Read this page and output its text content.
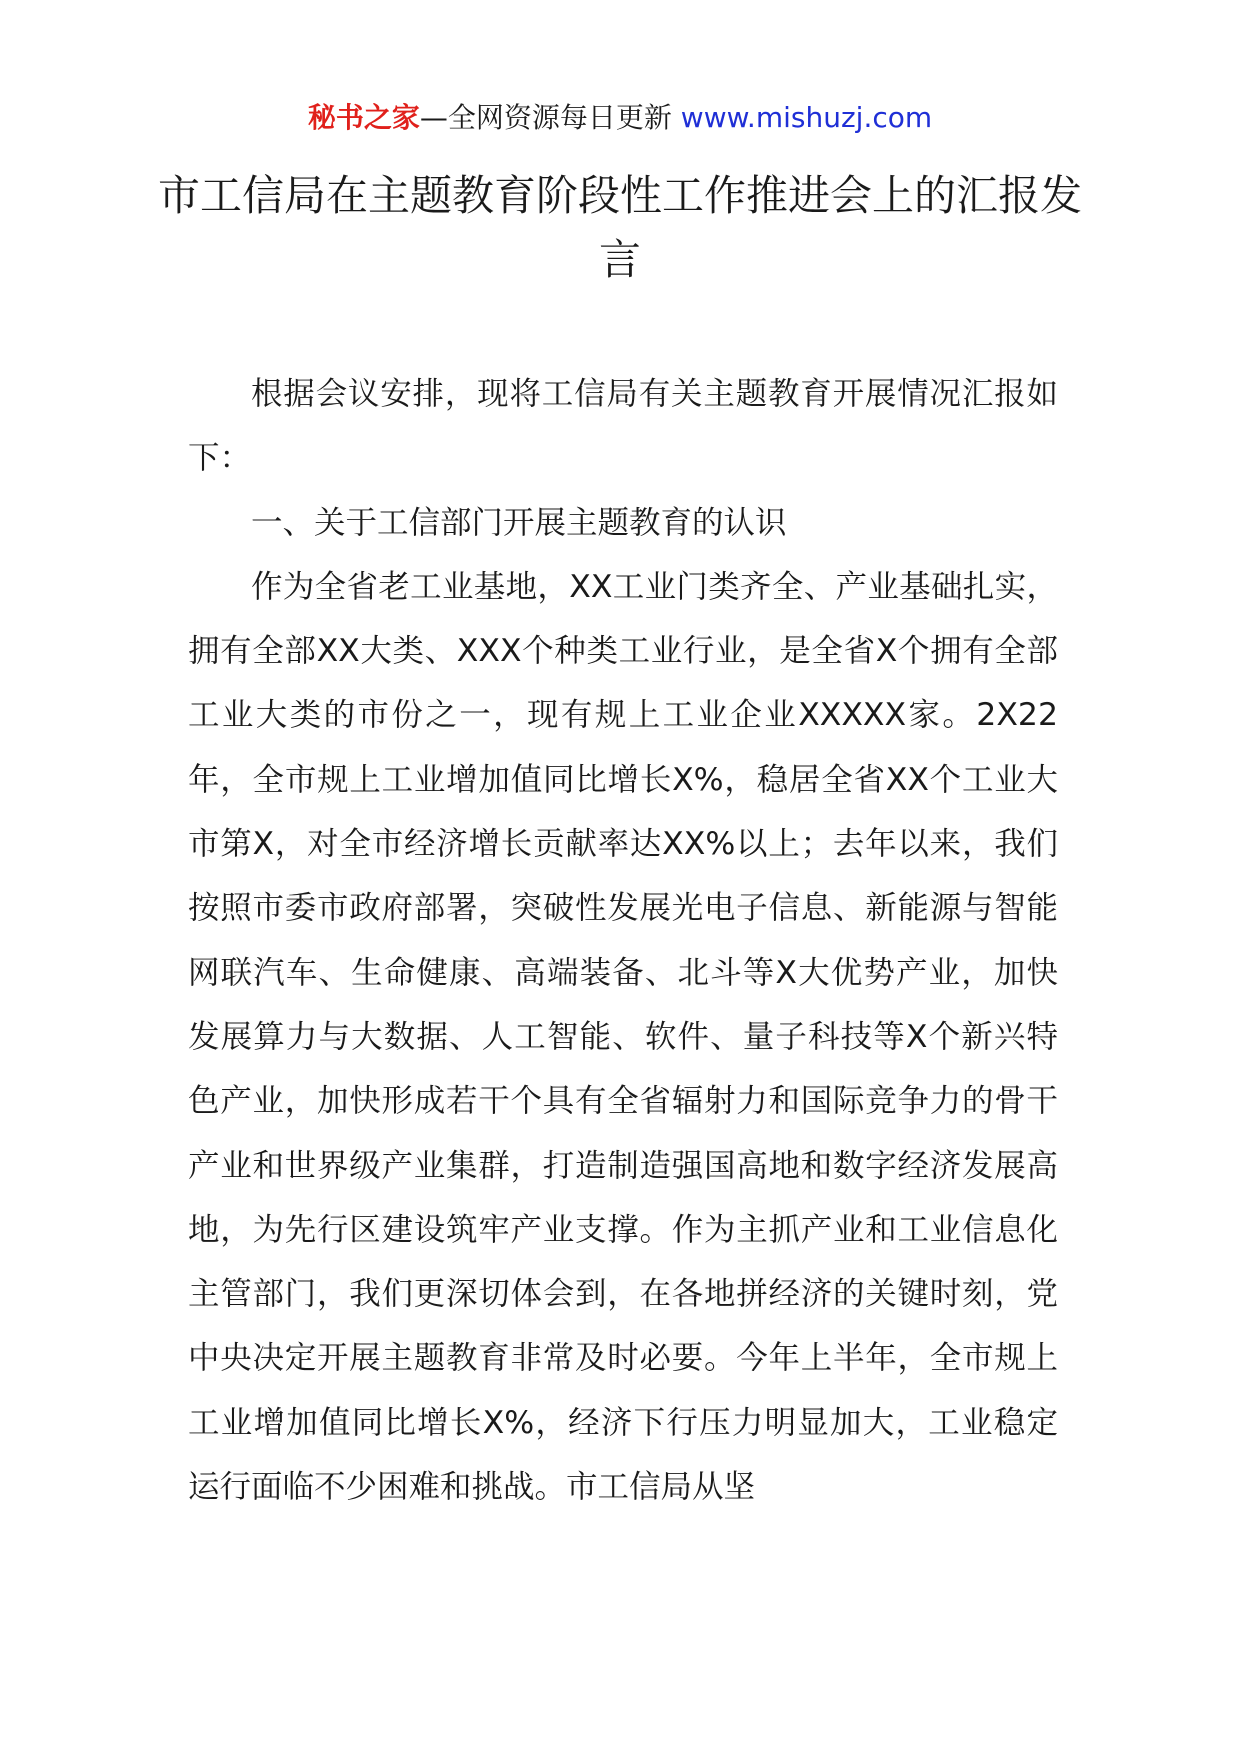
秘书之家—全网资源每日更新 www.mishuzj.com
市工信局在主题教育阶段性工作推进会上的汇报发言

根据会议安排，现将工信局有关主题教育开展情况汇报如下：

一、关于工信部门开展主题教育的认识

作为全省老工业基地，XX工业门类齐全、产业基础扎实，拥有全部XX大类、XXX个种类工业行业，是全省X个拥有全部工业大类的市份之一，现有规上工业企业XXXXX家。2X22年，全市规上工业增加值同比增长X%，稳居全省XX个工业大市第X，对全市经济增长贡献率达XX%以上；去年以来，我们按照市委市政府部署，突破性发展光电子信息、新能源与智能网联汽车、生命健康、高端装备、北斗等X大优势产业，加快发展算力与大数据、人工智能、软件、量子科技等X个新兴特色产业，加快形成若干个具有全省辐射力和国际竞争力的骨干产业和世界级产业集群，打造制造强国高地和数字经济发展高地，为先行区建设筑牢产业支撑。作为主抓产业和工业信息化主管部门，我们更深切体会到，在各地拼经济的关键时刻，党中央决定开展主题教育非常及时必要。今年上半年，全市规上工业增加值同比增长X%，经济下行压力明显加大，工业稳定运行面临不少困难和挑战。市工信局从坚
